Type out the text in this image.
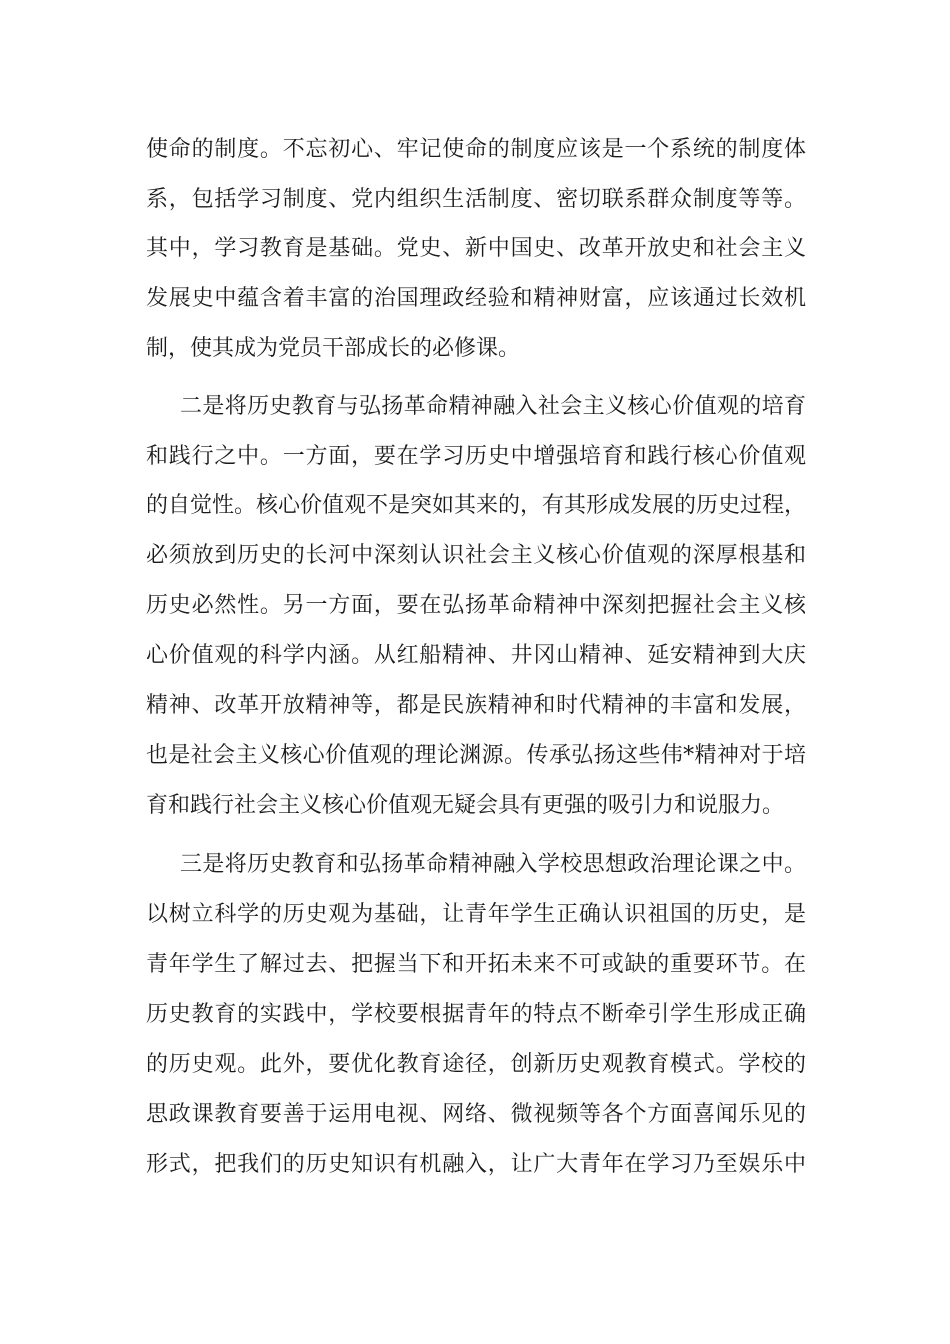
使命的制度。不忘初心、牢记使命的制度应该是一个系统的制度体
系，包括学习制度、党内组织生活制度、密切联系群众制度等等。
其中，学习教育是基础。党史、新中国史、改革开放史和社会主义
发展史中蕴含着丰富的治国理政经验和精神财富，应该通过长效机
制，使其成为党员干部成长的必修课。
二是将历史教育与弘扬革命精神融入社会主义核心价值观的培育
和践行之中。一方面，要在学习历史中增强培育和践行核心价值观
的自觉性。核心价值观不是突如其来的，有其形成发展的历史过程，
必须放到历史的长河中深刻认识社会主义核心价值观的深厚根基和
历史必然性。另一方面，要在弘扬革命精神中深刻把握社会主义核
心价值观的科学内涵。从红船精神、井冈山精神、延安精神到大庆
精神、改革开放精神等，都是民族精神和时代精神的丰富和发展，
也是社会主义核心价值观的理论渊源。传承弘扬这些伟*精神对于培
育和践行社会主义核心价值观无疑会具有更强的吸引力和说服力。
三是将历史教育和弘扬革命精神融入学校思想政治理论课之中。
以树立科学的历史观为基础，让青年学生正确认识祖国的历史，是
青年学生了解过去、把握当下和开拓未来不可或缺的重要环节。在
历史教育的实践中，学校要根据青年的特点不断牵引学生形成正确
的历史观。此外，要优化教育途径，创新历史观教育模式。学校的
思政课教育要善于运用电视、网络、微视频等各个方面喜闻乐见的
形式，把我们的历史知识有机融入，让广大青年在学习乃至娱乐中
